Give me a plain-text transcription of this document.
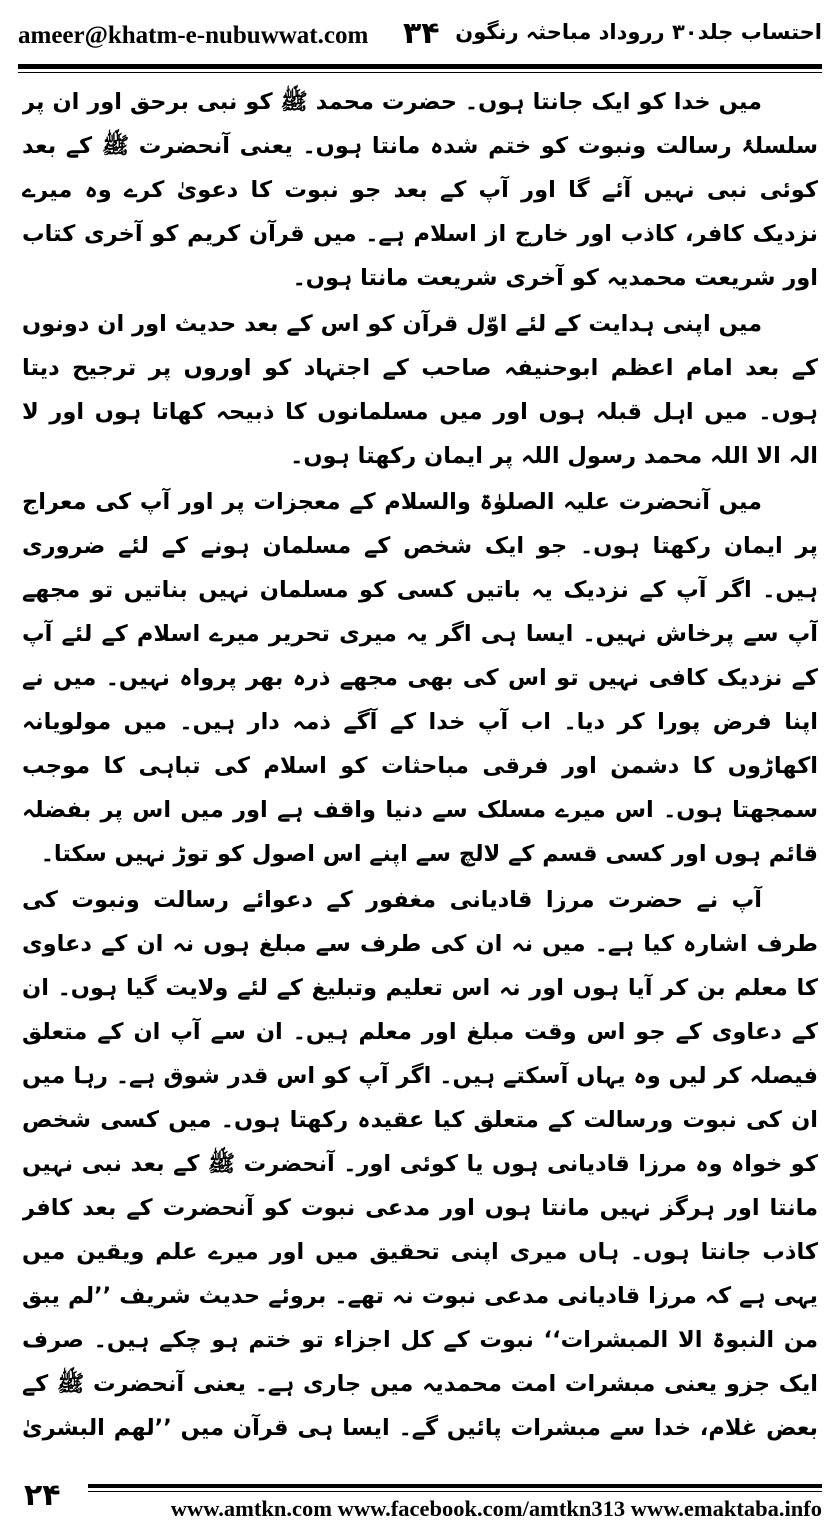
ameer@khatm-e-nubuwwat.com ۳۴ احتساب جلد۳۰ رروداد مباحثہ رنگون

میں خدا کو ایک جانتا ہوں۔ حضرت محمد ﷺ کو نبی برحق اور ان پر سلسلۂ رسالت ونبوت کو ختم شدہ مانتا ہوں۔ یعنی آنحضرت ﷺ کے بعد کوئی نبی نہیں آئے گا اور آپ کے بعد جو نبوت کا دعویٰ کرے وہ میرے نزدیک کافر، کاذب اور خارج از اسلام ہے۔ میں قرآن کریم کو آخری کتاب اور شریعت محمدیہ کو آخری شریعت مانتا ہوں۔

میں اپنی ہدایت کے لئے اوّل قرآن کو اس کے بعد حدیث اور ان دونوں کے بعد امام اعظم ابوحنیفہ صاحب کے اجتہاد کو اوروں پر ترجیح دیتا ہوں۔ میں اہل قبلہ ہوں اور میں مسلمانوں کا ذبیحہ کھاتا ہوں اور لا الہ الا اللہ محمد رسول اللہ پر ایمان رکھتا ہوں۔

میں آنحضرت علیہ الصلوٰۃ والسلام کے معجزات پر اور آپ کی معراج پر ایمان رکھتا ہوں۔ جو ایک شخص کے مسلمان ہونے کے لئے ضروری ہیں۔ اگر آپ کے نزدیک یہ باتیں کسی کو مسلمان نہیں بناتیں تو مجھے آپ سے پرخاش نہیں۔ ایسا ہی اگر یہ میری تحریر میرے اسلام کے لئے آپ کے نزدیک کافی نہیں تو اس کی بھی مجھے ذرہ بھر پرواہ نہیں۔ میں نے اپنا فرض پورا کر دیا۔ اب آپ خدا کے آگے ذمہ دار ہیں۔ میں مولویانہ اکھاڑوں کا دشمن اور فرقی مباحثات کو اسلام کی تباہی کا موجب سمجھتا ہوں۔ اس میرے مسلک سے دنیا واقف ہے اور میں اس پر بفضلہ قائم ہوں اور کسی قسم کے لالچ سے اپنے اس اصول کو توڑ نہیں سکتا۔

آپ نے حضرت مرزا قادیانی مغفور کے دعوائے رسالت ونبوت کی طرف اشارہ کیا ہے۔ میں نہ ان کی طرف سے مبلغ ہوں نہ ان کے دعاوی کا معلم بن کر آیا ہوں اور نہ اس تعلیم وتبلیغ کے لئے ولایت گیا ہوں۔ ان کے دعاوی کے جو اس وقت مبلغ اور معلم ہیں۔ ان سے آپ ان کے متعلق فیصلہ کر لیں وہ یہاں آسکتے ہیں۔ اگر آپ کو اس قدر شوق ہے۔ رہا میں ان کی نبوت ورسالت کے متعلق کیا عقیدہ رکھتا ہوں۔ میں کسی شخص کو خواہ وہ مرزا قادیانی ہوں یا کوئی اور۔ آنحضرت ﷺ کے بعد نبی نہیں مانتا اور ہرگز نہیں مانتا ہوں اور مدعی نبوت کو آنحضرت کے بعد کافر کاذب جانتا ہوں۔ ہاں میری اپنی تحقیق میں اور میرے علم ویقین میں یہی ہے کہ مرزا قادیانی مدعی نبوت نہ تھے۔ بروئے حدیث شریف ’’لم یبق من النبوۃ الا المبشرات‘‘ نبوت کے کل اجزاء تو ختم ہو چکے ہیں۔ صرف ایک جزو یعنی مبشرات امت محمدیہ میں جاری ہے۔ یعنی آنحضرت ﷺ کے بعض غلام، خدا سے مبشرات پائیں گے۔ ایسا ہی قرآن میں ’’لھم البشریٰ

۲۴	www.amtkn.com www.facebook.com/amtkn313 www.emaktaba.info
